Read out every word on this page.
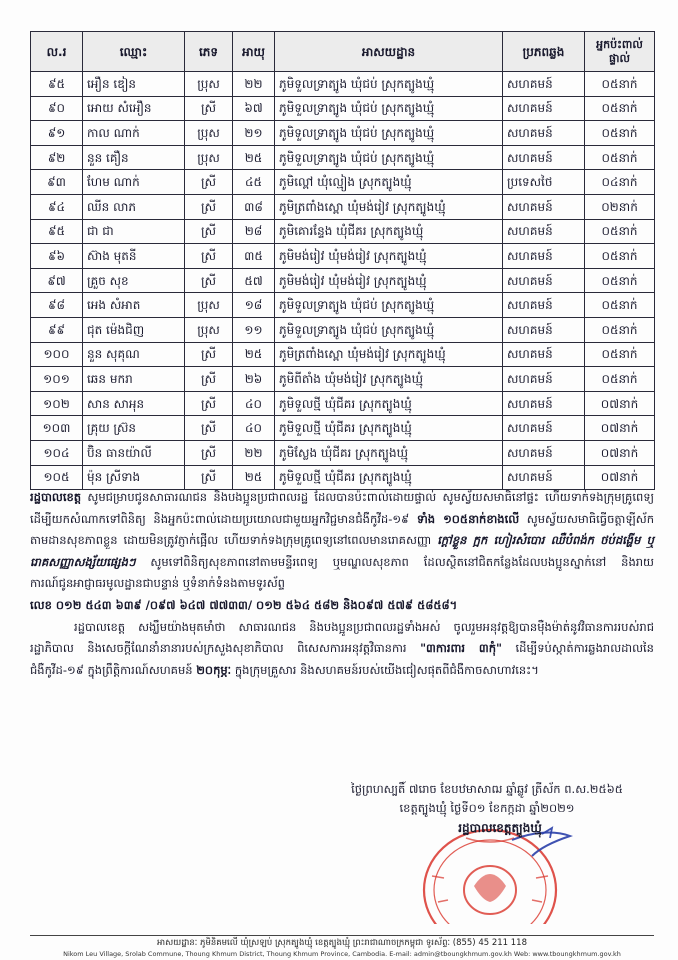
ល.រ	ឈ្មោះ	ភេទ	អាយុ	អាសយដ្ឋាន	ប្រភពឆ្លង	អ្នកប៉ះពាល់ផ្ទាល់
៩៥	អឿន ឌៀន	ប្រុស	២២	ភូមិទួលទ្រាត្បូង ឃុំជប់ ស្រុកត្បូងឃ្មុំ	សហគមន៍	០៥នាក់
៩០	អោយ សំអឿន	ស្រី	៦៧	ភូមិទួលទ្រាត្បូង ឃុំជប់ ស្រុកត្បូងឃ្មុំ	សហគមន៍	០៥នាក់
៩១	កាល ណាក់	ប្រុស	២១	ភូមិទួលទ្រាត្បូង ឃុំជប់ ស្រុកត្បូងឃ្មុំ	សហគមន៍	០៥នាក់
៩២	នួន គឿន	ប្រុស	២៥	ភូមិទួលទ្រាត្បូង ឃុំជប់ ស្រុកត្បូងឃ្មុំ	សហគមន៍	០៥នាក់
៩៣	ហែម ណាក់	ស្រី	៤៥	ភូមិល្ពៅ ឃុំល្មៀង ស្រុកត្បូងឃ្មុំ	ប្រទេសថៃ	០៤នាក់
៩៤	ឈីន លាភ	ស្រី	៣៨	ភូមិត្រពាំងស្ពោ ឃុំមង់រៀវ ស្រុកត្បូងឃ្មុំ	សហគមន៍	០២នាក់
៩៥	ជា ជា	ស្រី	២៨	ភូមិគោរន្ទែង ឃុំជីគរ ស្រុកត្បូងឃ្មុំ	សហគមន៍	០៥នាក់
៩៦	ស៊ាង មុតនី	ស្រី	៣៥	ភូមិមង់រៀវ ឃុំមង់រៀវ ស្រុកត្បូងឃ្មុំ	សហគមន៍	០៥នាក់
៩៧	គ្រួច សុខ	ស្រី	៥៧	ភូមិមង់រៀវ ឃុំមង់រៀវ ស្រុកត្បូងឃ្មុំ	សហគមន៍	០៥នាក់
៩៨	អេង សំអាត	ប្រុស	១៨	ភូមិទួលទ្រាត្បូង ឃុំជប់ ស្រុកត្បូងឃ្មុំ	សហគមន៍	០៥នាក់
៩៩	ជុត ម៉េងជិញ	ប្រុស	១១	ភូមិទួលទ្រាត្បូង ឃុំជប់ ស្រុកត្បូងឃ្មុំ	សហគមន៍	០៥នាក់
១០០	នួន សុគុណ	ស្រី	២៥	ភូមិត្រពាំងស្ពោ ឃុំមង់រៀវ ស្រុកត្បូងឃ្មុំ	សហគមន៍	០៥នាក់
១០១	ឆេន មករា	ស្រី	២៦	ភូមិពីតាំង ឃុំមង់រៀវ ស្រុកត្បូងឃ្មុំ	សហគមន៍	០៥នាក់
១០២	សាន សាអុន	ស្រី	៤០	ភូមិទួលថ្មី ឃុំជីគរ ស្រុកត្បូងឃ្មុំ	សហគមន៍	០៧នាក់
១០៣	គ្រុយ ស្រ៊ន	ស្រី	៤០	ភូមិទួលថ្មី ឃុំជីគរ ស្រុកត្បូងឃ្មុំ	សហគមន៍	០៧នាក់
១០៤	ប៊ិន ធានយ៉ាលី	ស្រី	២២	ភូមិស្លែង ឃុំជីគរ ស្រុកត្បូងឃ្មុំ	សហគមន៍	០៧នាក់
១០៥	ម៉ុន ស្រីទាង	ស្រី	២៥	ភូមិទួលថ្មី ឃុំជីគរ ស្រុកត្បូងឃ្មុំ	សហគមន៍	០៧នាក់

រដ្ឋបាលខេត្ត សូមជម្រាបជូនសាធារណជន និងបងប្អូនប្រជាពលរដ្ឋ ដែលបានប៉ះពាល់ដោយផ្ទាល់ សូមស្វ័យសមាធិនៅផ្ទះ ហើយទាក់ទងក្រុមគ្រូពេទ្យ ដើម្បីយកសំណាកទៅពិនិត្យ និងអ្នកប៉ះពាល់ដោយប្រយោលជាមួយអ្នកវិជ្ជមានជំងឺកូវីដ-១៩ ទាំង ១០៥នាក់ខាងលើ សូមស្វ័យសមាធិធ្វើចត្តាឡីស័ក តាមដានសុខភាពខ្លួន ដោយមិនត្រូវភ្ញាក់ផ្អើល ហើយទាក់ទងក្រុមគ្រូពេទ្យនៅពេលមានរោគសញ្ញា ក្ដៅខ្លួន ក្អក ហៀរសំបោរ ឈឺបំពង់ក ថប់ដង្ហើម ឬរោគសញ្ញាសង្ស័យផ្សេងៗ សូមទៅពិនិត្យសុខភាពនៅតាមមន្ទីរពេទ្យ ឬមណ្ឌលសុខភាព ដែលស្ថិតនៅជិតកន្លែងដែលបងប្អូនស្នាក់នៅ និងរាយការណ៍ជូនអាជ្ញាធរមូលដ្ឋានជាបន្ទាន់ ឬទំនាក់ទំនងតាមទូរស័ព្ទ

លេខ ០១២ ៥៤៣ ៦៣៩ /០៩៧ ៦៤៧ ៧៧៣៣/ ០១២ ៥៦៤ ៥៨២ និង០៩៧ ៥៧៩ ៥៨៥៨។

រដ្ឋបាលខេត្ត សង្ឃឹមយ៉ាងមុតមាំថា សាធារណជន និងបងប្អូនប្រជាពលរដ្ឋទាំងអស់ ចូលរួមអនុវត្តឱ្យបានម៉ឺងម៉ាត់នូវវិធានការរបស់រាជរដ្ឋាភិបាល និងសេចក្ដីណែនាំនានារបស់ក្រសួងសុខាភិបាល ពិសេសការអនុវត្តវិធានការ "៣ការពារ ៣កុំ" ដើម្បីទប់ស្កាត់ការឆ្លងរាលដាលនៃជំងឺកូវីដ-១៩ ក្នុងព្រឹត្តិការណ៍សហគមន៍ ២០កុម្ភៈ ក្នុងក្រុមគ្រួសារ និងសហគមន៍របស់យើងជៀសផុតពីជំងឺកាចសាហាវនេះ។

ថ្ងៃព្រហស្បតិ៍ ៧រោច ខែបឋមាសាឍ ឆ្នាំឆ្លូវ ត្រីស័ក ព.ស.២៥៦៥
ខេត្តត្បូងឃ្មុំ ថ្ងៃទី០១ ខែកក្កដា ឆ្នាំ២០២១
រដ្ឋបាលខេត្តត្បូងឃ្មុំ
អាសយដ្ឋានៈ ភូមិនិគមលើ ឃុំស្រឡប់ ស្រុកត្បូងឃ្មុំ ខេត្តត្បូងឃ្មុំ ព្រះរាជាណាចក្រកម្ពុជា ទូរស័ព្ទៈ (855) 45 211 118
Nikom Leu Village, Srolab Commune, Thoung Khmum District, Thoung Khmum Province, Cambodia. E-mail: admin@tboungkhmum.gov.kh Web: www.tboungkhmum.gov.kh
